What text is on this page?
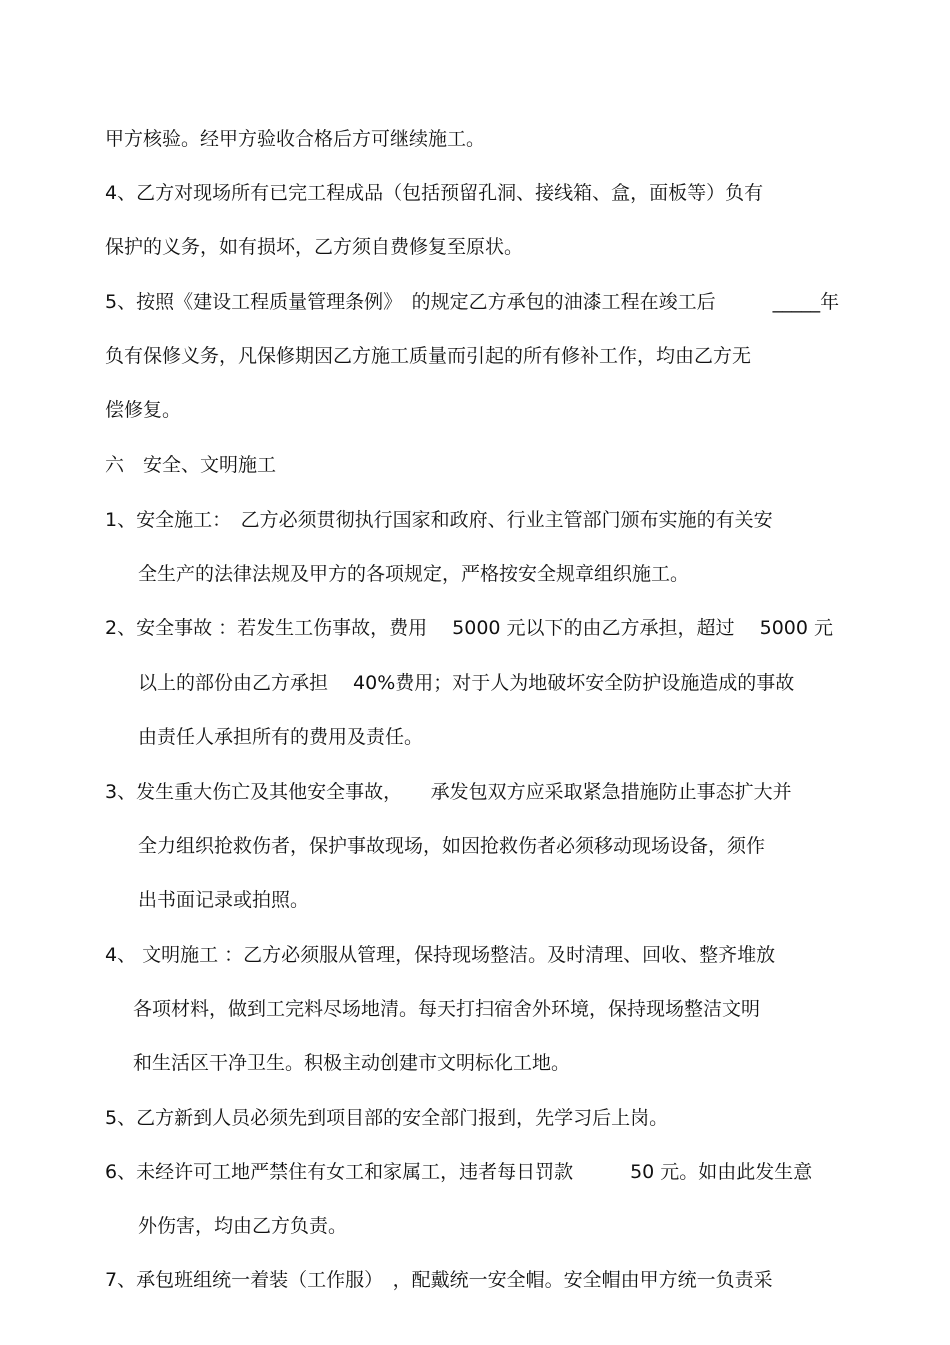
甲方核验。经甲方验收合格后方可继续施工。

4、乙方对现场所有已完工程成品（包括预留孔洞、接线箱、盒，面板等）负有

保护的义务，如有损坏，乙方须自费修复至原状。

5、按照《建设工程质量管理条例》　的规定乙方承包的油漆工程在竣工后　　　_____年

负有保修义务，凡保修期因乙方施工质量而引起的所有修补工作，均由乙方无

偿修复。

六　安全、文明施工

1、安全施工：　乙方必须贯彻执行国家和政府、行业主管部门颁布实施的有关安

全生产的法律法规及甲方的各项规定，严格按安全规章组织施工。

2、安全事故 ：若发生工伤事故，费用　 5000 元以下的由乙方承担，超过　 5000 元

以上的部份由乙方承担　 40%费用；对于人为地破坏安全防护设施造成的事故

由责任人承担所有的费用及责任。

3、发生重大伤亡及其他安全事故，　　承发包双方应采取紧急措施防止事态扩大并

全力组织抢救伤者，保护事故现场，如因抢救伤者必须移动现场设备，须作

出书面记录或拍照。

4、 文明施工 ：乙方必须服从管理，保持现场整洁。及时清理、回收、整齐堆放

各项材料，做到工完料尽场地清。每天打扫宿舍外环境，保持现场整洁文明

和生活区干净卫生。积极主动创建市文明标化工地。

5、乙方新到人员必须先到项目部的安全部门报到，先学习后上岗。

6、未经许可工地严禁住有女工和家属工，违者每日罚款　　　50 元。如由此发生意

外伤害，均由乙方负责。

7、承包班组统一着装（工作服）　，配戴统一安全帽。安全帽由甲方统一负责采
